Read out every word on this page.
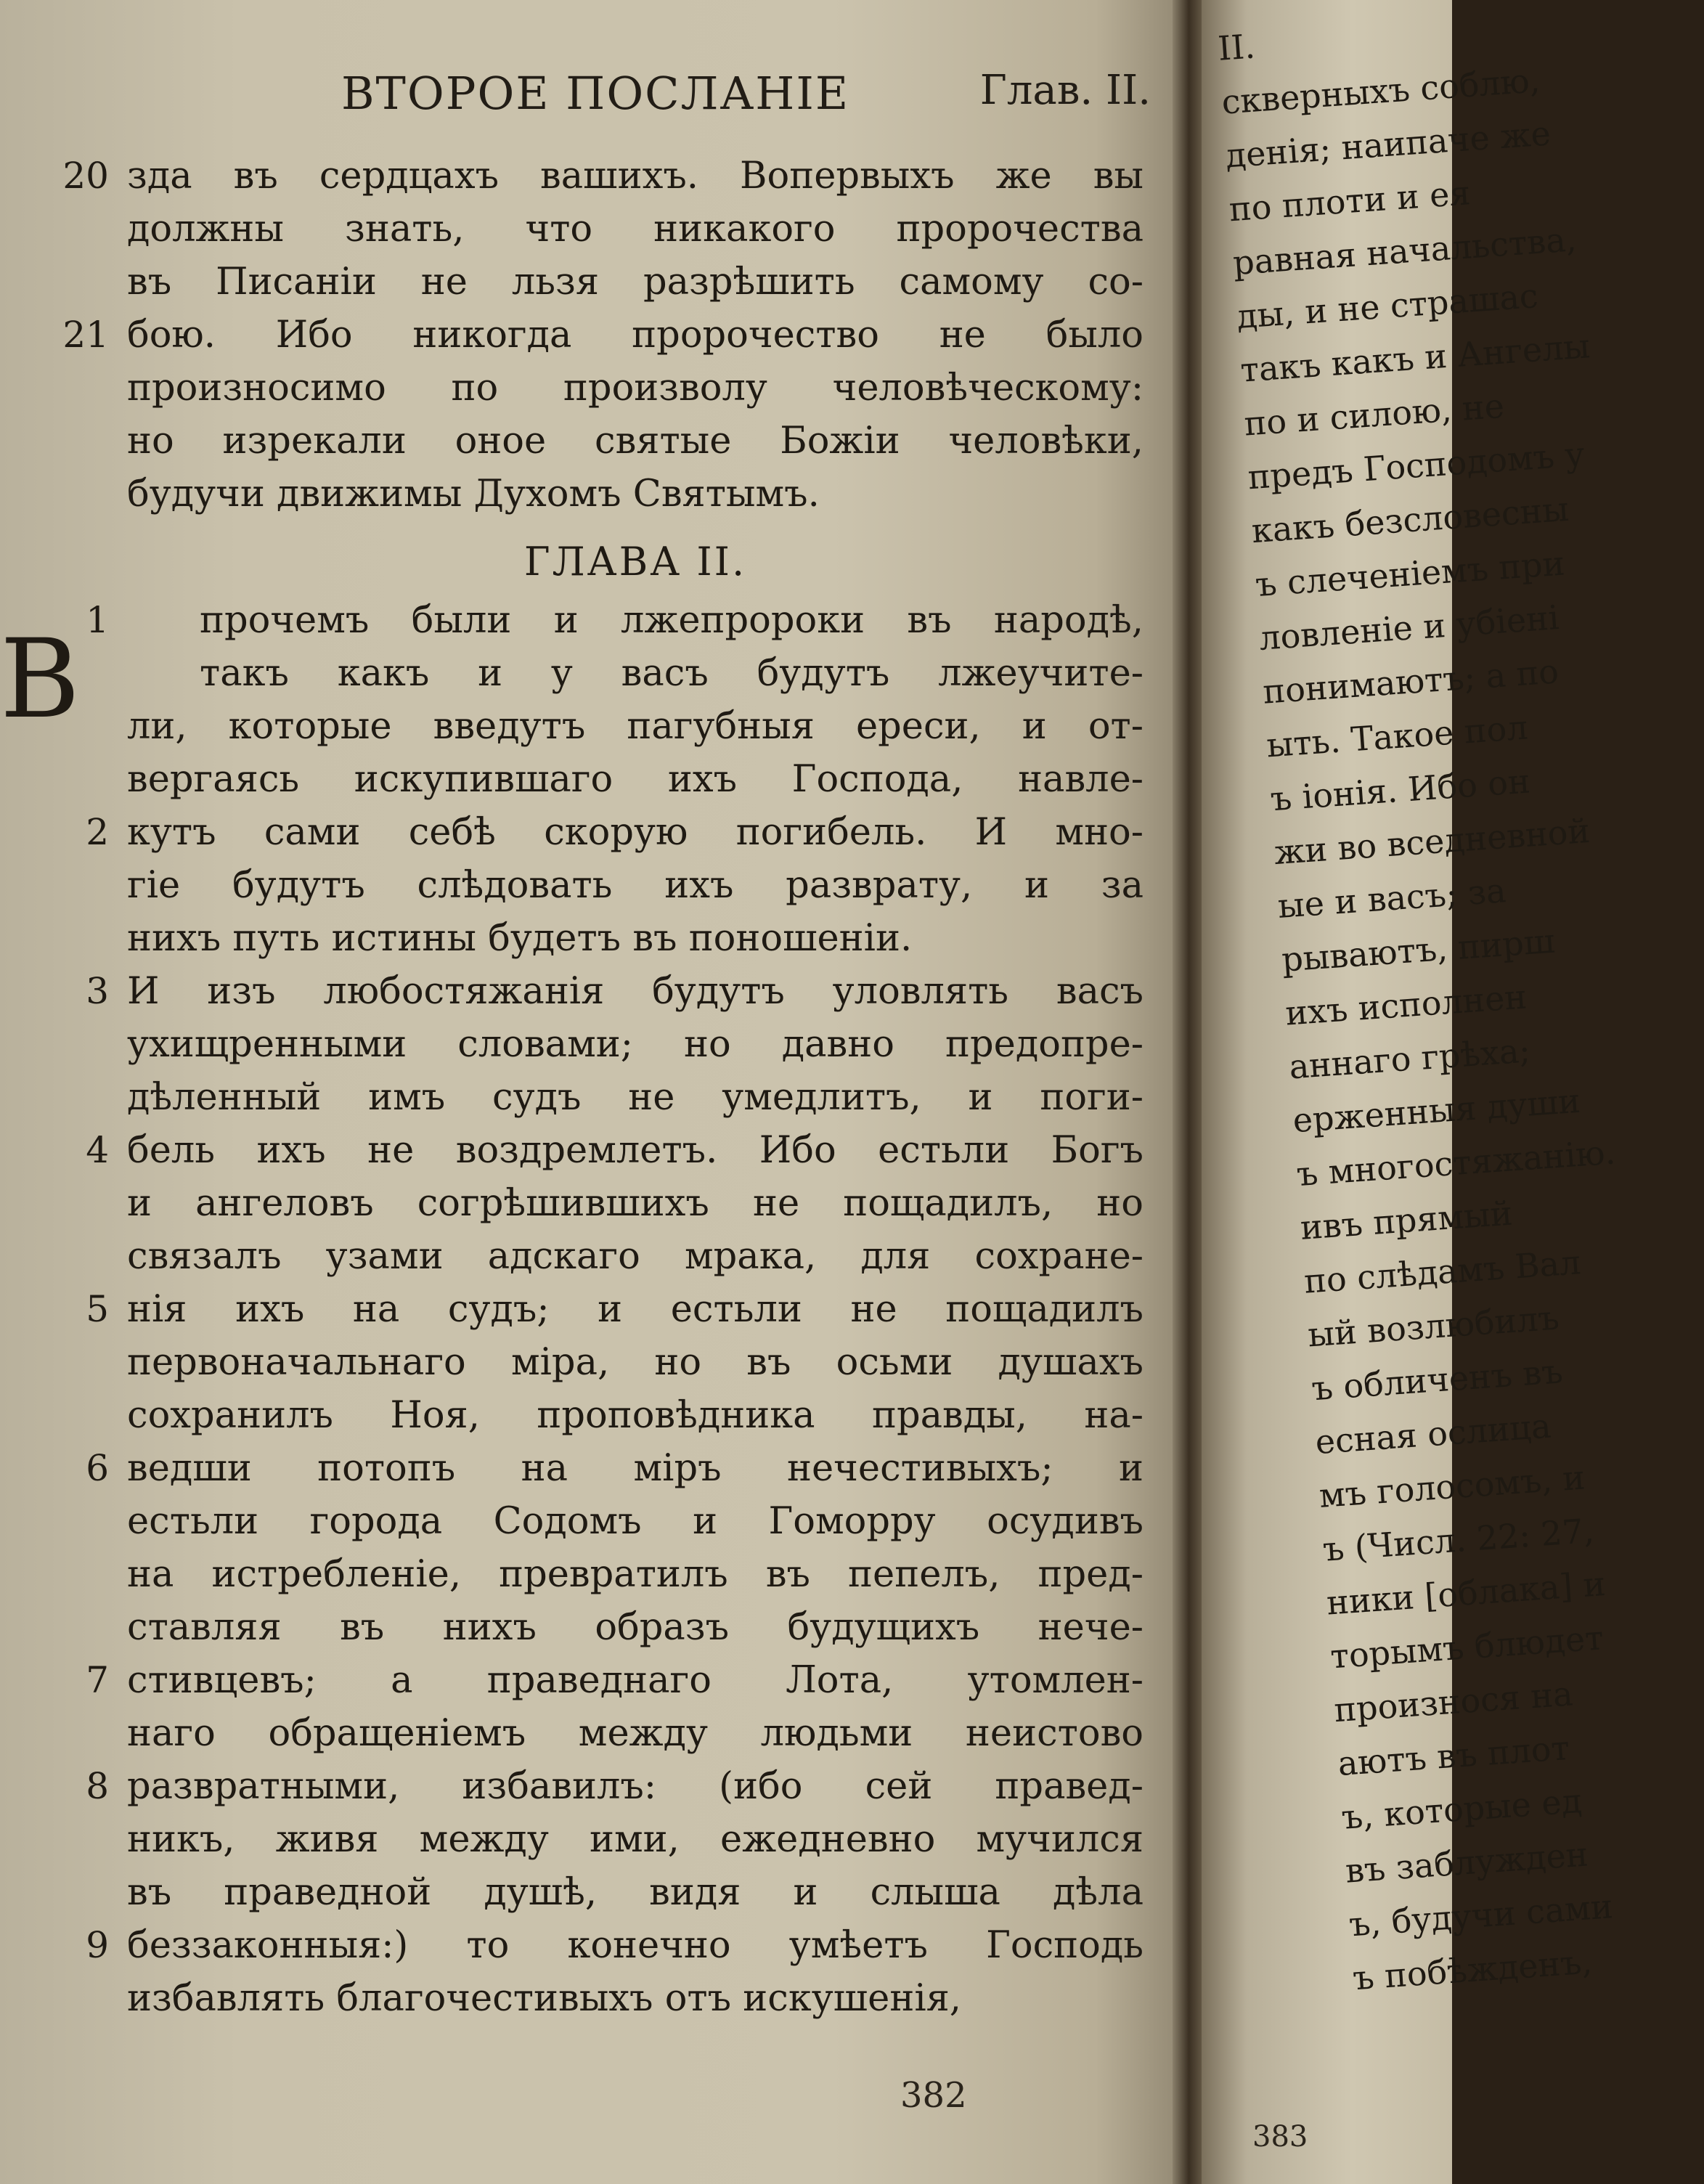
ВТОРОЕ ПОСЛАНІЕ	Глав. II.
20
21
1
2
3
4
5
6
7
8
9
В
зда въ сердцахъ вашихъ. Вопервыхъ же вы
должны знать, что никакого пророчества
въ Писаніи не льзя разрѣшить самому со-
бою. Ибо никогда пророчество не было
произносимо по произволу человѣческому:
но изрекали оное святые Божіи человѣки,
будучи движимы Духомъ Святымъ.
ГЛАВА II.
прочемъ были и лжепророки въ народѣ,
такъ какъ и у васъ будутъ лжеучите-
ли, которые введутъ пагубныя ереси, и от-
вергаясь искупившаго ихъ Господа, навле-
кутъ сами себѣ скорую погибель. И мно-
гіе будутъ слѣдовать ихъ разврату, и за
нихъ путь истины будетъ въ поношеніи.
И изъ любостяжанія будутъ уловлять васъ
ухищренными словами; но давно предопре-
дѣленный имъ судъ не умедлитъ, и поги-
бель ихъ не воздремлетъ. Ибо естьли Богъ
и ангеловъ согрѣшившихъ не пощадилъ, но
связалъ узами адскаго мрака, для сохране-
нія ихъ на судъ; и естьли не пощадилъ
первоначальнаго міра, но въ осьми душахъ
сохранилъ Ноя, проповѣдника правды, на-
ведши потопъ на міръ нечестивыхъ; и
естьли города Содомъ и Гоморру осудивъ
на истребленіе, превратилъ въ пепелъ, пред-
ставляя въ нихъ образъ будущихъ нече-
стивцевъ; а праведнаго Лота, утомлен-
наго обращеніемъ между людьми неистово
развратными, избавилъ: (ибо сей правед-
никъ, живя между ими, ежедневно мучился
въ праведной душѣ, видя и слыша дѣла
беззаконныя:) то конечно умѣетъ Господь
избавлять благочестивыхъ отъ искушенія,
382
II.
скверныхъ соблю,
денія; наипаче же
по плоти и ея
равная начальства,
ды, и не страшас
такъ какъ и Ангелы
по и силою, не
предъ Господомъ у
какъ безсловесны
ъ слеченіемъ при
ловленіе и убіені
понимаютъ; а по
ыть. Такое пол
ъ іонія. Ибо он
жи во вседневной
ые и васъ; за
рываютъ, пирш
ихъ исполнен
аннаго грѣха;
ерженныя души
ъ многостяжанію.
ивъ прямый
по слѣдамъ Вал
ый возлюбилъ
ъ обличенъ въ
есная ослица
мъ голосомъ, и
ъ (Числ. 22: 27,
ники [облака] и
торымъ блюдет
произнося на
аютъ въ плот
ъ, которые ед
въ заблужден
ъ, будучи сами
ъ побѣжденъ,
383
